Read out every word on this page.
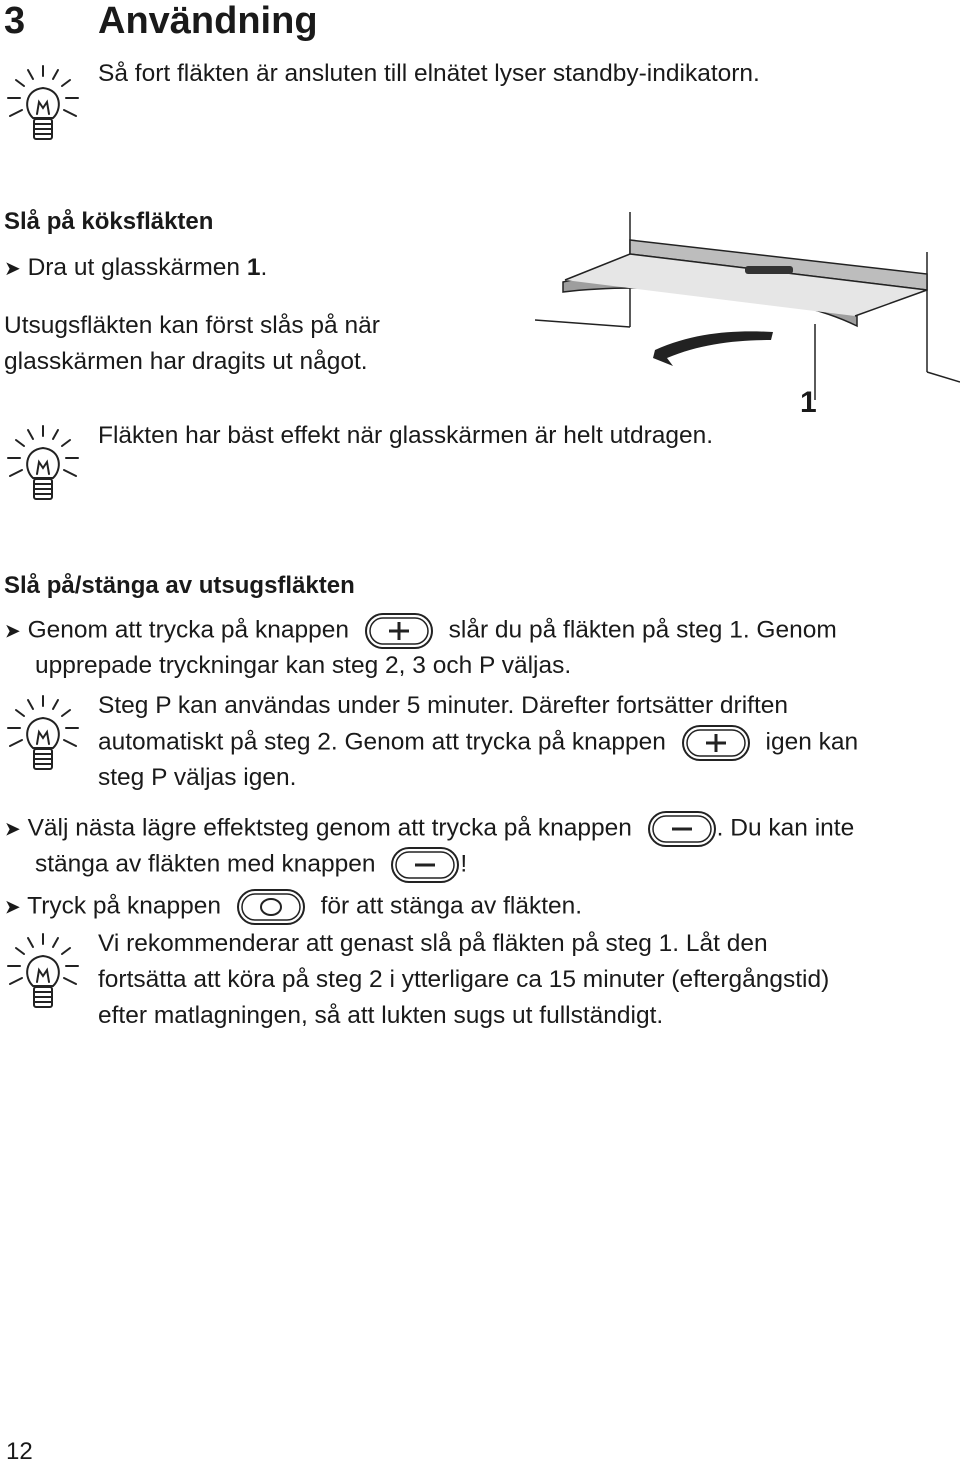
3 Användning
Så fort fläkten är ansluten till elnätet lyser standby-indikatorn.
Slå på köksfläkten
➤ Dra ut glasskärmen 1.
Utsugsfläkten kan först slås på när
glasskärmen har dragits ut något.
1
Fläkten har bäst effekt när glasskärmen är helt utdragen.
Slå på/stänga av utsugsfläkten
➤ Genom att trycka på knappen	slår du på fläkten på steg 1. Genom
upprepade tryckningar kan steg 2, 3 och P väljas.
Steg P kan användas under 5 minuter. Därefter fortsätter driften
automatiskt på steg 2. Genom att trycka på knappen	igen kan
steg P väljas igen.
➤ Välj nästa lägre effektsteg genom att trycka på knappen	. Du kan inte
stänga av fläkten med knappen	!
➤ Tryck på knappen	för att stänga av fläkten.
Vi rekommenderar att genast slå på fläkten på steg 1. Låt den
fortsätta att köra på steg 2 i ytterligare ca 15 minuter (eftergångstid)
efter matlagningen, så att lukten sugs ut fullständigt.
12
